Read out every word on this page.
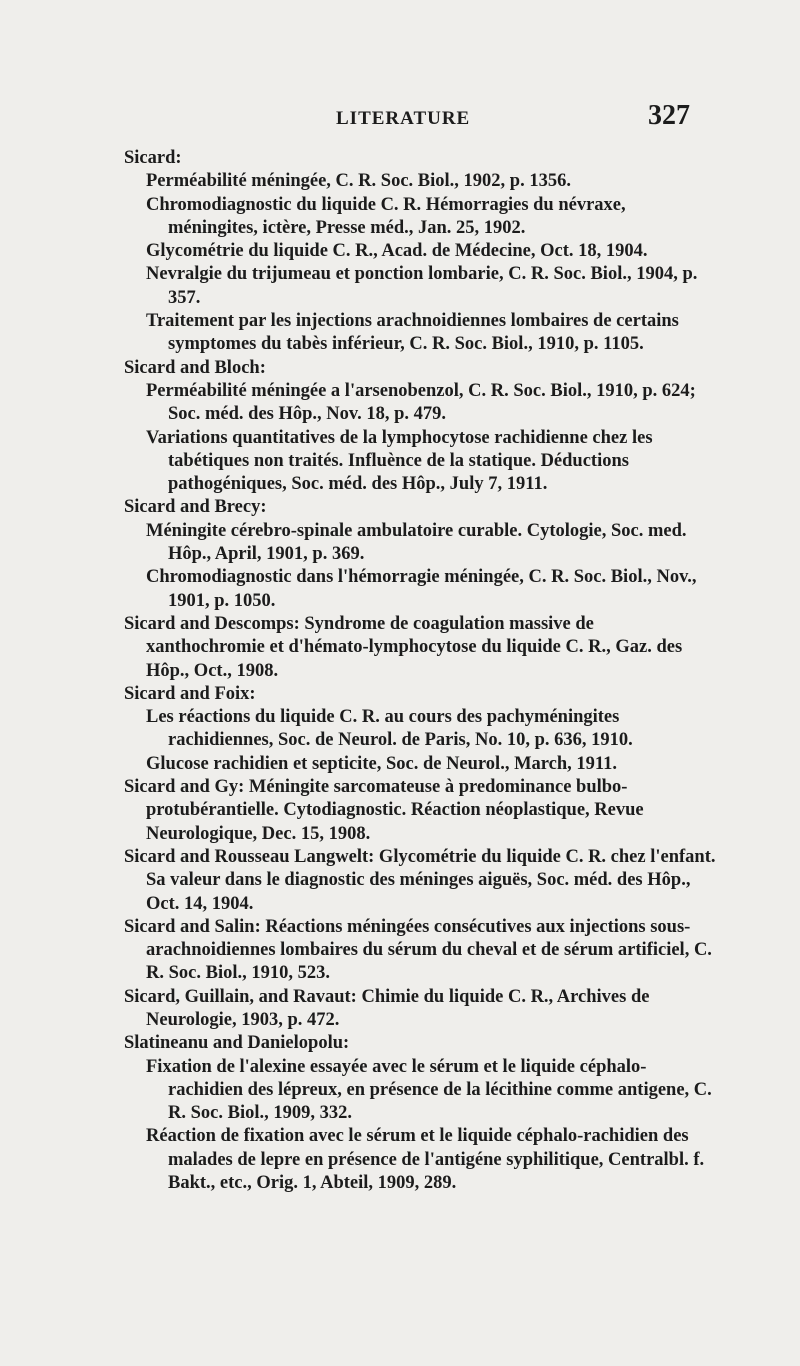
LITERATURE	327

Sicard:

Perméabilité méningée, C. R. Soc. Biol., 1902, p. 1356.

Chromodiagnostic du liquide C. R. Hémorragies du névraxe, méningites, ictère, Presse méd., Jan. 25, 1902.

Glycométrie du liquide C. R., Acad. de Médecine, Oct. 18, 1904.

Nevralgie du trijumeau et ponction lombarie, C. R. Soc. Biol., 1904, p. 357.

Traitement par les injections arachnoidiennes lombaires de certains symptomes du tabès inférieur, C. R. Soc. Biol., 1910, p. 1105.

Sicard and Bloch:

Perméabilité méningée a l'arsenobenzol, C. R. Soc. Biol., 1910, p. 624; Soc. méd. des Hôp., Nov. 18, p. 479.

Variations quantitatives de la lymphocytose rachidienne chez les tabétiques non traités. Influènce de la statique. Déductions pathogéniques, Soc. méd. des Hôp., July 7, 1911.

Sicard and Brecy:

Méningite cérebro-spinale ambulatoire curable. Cytologie, Soc. med. Hôp., April, 1901, p. 369.

Chromodiagnostic dans l'hémorragie méningée, C. R. Soc. Biol., Nov., 1901, p. 1050.

Sicard and Descomps: Syndrome de coagulation massive de xanthochromie et d'hémato-lymphocytose du liquide C. R., Gaz. des Hôp., Oct., 1908.

Sicard and Foix:

Les réactions du liquide C. R. au cours des pachyméningites rachidiennes, Soc. de Neurol. de Paris, No. 10, p. 636, 1910.

Glucose rachidien et septicite, Soc. de Neurol., March, 1911.

Sicard and Gy: Méningite sarcomateuse à predominance bulbo-protubérantielle. Cytodiagnostic. Réaction néoplastique, Revue Neurologique, Dec. 15, 1908.

Sicard and Rousseau Langwelt: Glycométrie du liquide C. R. chez l'enfant. Sa valeur dans le diagnostic des méninges aiguës, Soc. méd. des Hôp., Oct. 14, 1904.

Sicard and Salin: Réactions méningées consécutives aux injections sous-arachnoidiennes lombaires du sérum du cheval et de sérum artificiel, C. R. Soc. Biol., 1910, 523.

Sicard, Guillain, and Ravaut: Chimie du liquide C. R., Archives de Neurologie, 1903, p. 472.

Slatineanu and Danielopolu:

Fixation de l'alexine essayée avec le sérum et le liquide céphalo-rachidien des lépreux, en présence de la lécithine comme antigene, C. R. Soc. Biol., 1909, 332.

Réaction de fixation avec le sérum et le liquide céphalo-rachidien des malades de lepre en présence de l'antigéne syphilitique, Centralbl. f. Bakt., etc., Orig. 1, Abteil, 1909, 289.
